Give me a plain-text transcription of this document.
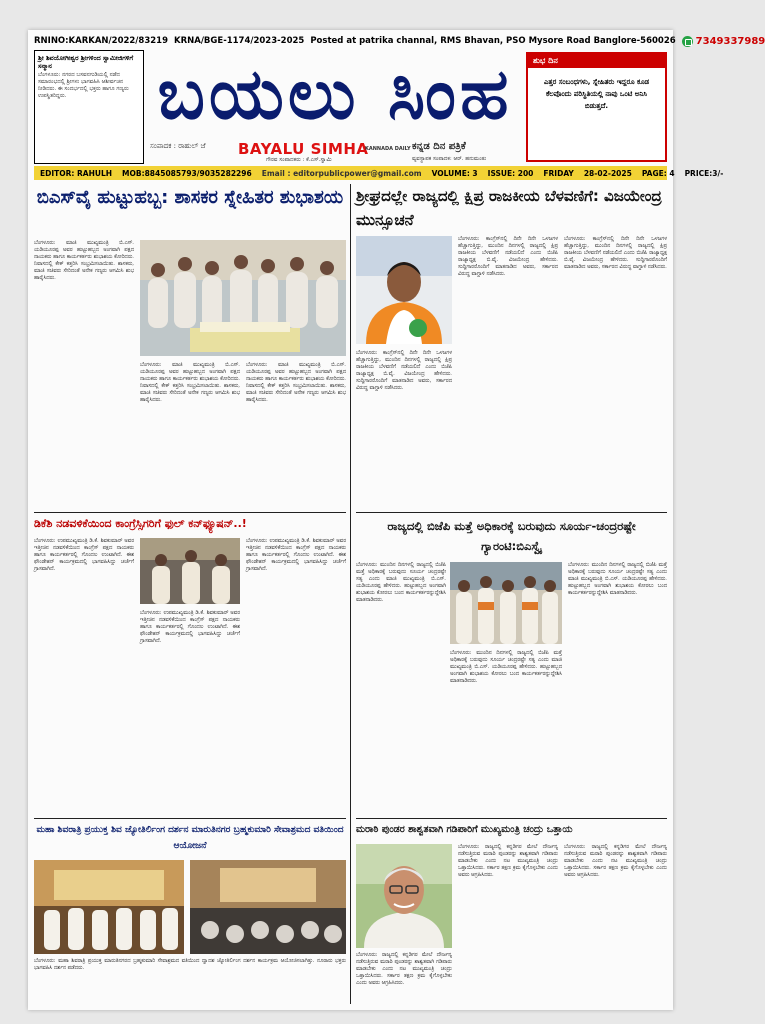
RNINO:KARKAN/2022/83219 KRNA/BGE-1174/2023-2025 Posted at patrika channal, RMS Bhavan, PSO Mysore Road Banglore-560026 7349337989
ಶ್ರೀ ಶಿವಯೋಗೀಶ್ವರ ಶ್ರೀಗಳಿಂದ ಸ್ವಾಮೀಜಿಗಳಿಗೆ ಸನ್ಮಾನ
ಬೆಂಗಳೂರು: ನಗರದ ಬಸವನಗುಡಿಯಲ್ಲಿ ನಡೆದ ಸಮಾರಂಭದಲ್ಲಿ ಶ್ರೀಗಳು ಭಾಗವಹಿಸಿ ಆಶೀರ್ವಚನ ನೀಡಿದರು. ಈ ಸಂದರ್ಭದಲ್ಲಿ ಭಕ್ತರು ಹಾಗೂ ಗಣ್ಯರು ಉಪಸ್ಥಿತರಿದ್ದರು.	ಬಯಲು ಸಿಂಹ
ಸಂಪಾದಕ : ರಾಹುಲ್ ಜೆ BAYALU SIMHA
KANNADA DAILY ಕನ್ನಡ ದಿನ ಪತ್ರಿಕೆ
ಗೌರವ ಸಂಪಾದಕರು : ಕೆ.ಎಸ್.ಸ್ವಾಮಿ	ವ್ಯವಸ್ಥಾಪಕ ಸಂಪಾದಕ: ಆರ್. ಹನುಮಂತು
ಶುಭ ದಿನ
ಎತ್ತರ ಸಂಬಂಧಗಳು, ಸ್ನೇಹಿತರು ಇದ್ದರೂ ಕೂಡ ಕೆಲವೊಂದು ಪರಿಸ್ಥಿತಿಯಲ್ಲಿ ನಾವು ಒಂಟಿ ಅನಿಸಿ ಬಿಡುತ್ತದೆ.
EDITOR: RAHULH MOB:8845085793/9035282296 Email : editorpublicpower@gmail.com VOLUME: 3 ISSUE: 200 FRIDAY 28-02-2025 PAGE: 4 PRICE:3/-
ಬಿಎಸ್‌ವೈ ಹುಟ್ಟುಹಬ್ಬ: ಶಾಸಕರ ಸ್ನೇಹಿತರ ಶುಭಾಶಯ
ಬೆಂಗಳೂರು: ಮಾಜಿ ಮುಖ್ಯಮಂತ್ರಿ ಬಿ.ಎಸ್. ಯಡಿಯೂರಪ್ಪ ಅವರ ಹುಟ್ಟುಹಬ್ಬದ ಅಂಗವಾಗಿ ಪಕ್ಷದ ನಾಯಕರು ಹಾಗೂ ಕಾರ್ಯಕರ್ತರು ಶುಭಾಶಯ ಕೋರಿದರು. ನಿವಾಸದಲ್ಲಿ ಕೇಕ್ ಕತ್ತರಿಸಿ ಸಂಭ್ರಮಿಸಲಾಯಿತು. ಶಾಸಕರು, ಮಾಜಿ ಸಚಿವರು ಸೇರಿದಂತೆ ಅನೇಕ ಗಣ್ಯರು ಆಗಮಿಸಿ ಶುಭ ಹಾರೈಸಿದರು.
ಬೆಂಗಳೂರು: ಮಾಜಿ ಮುಖ್ಯಮಂತ್ರಿ ಬಿ.ಎಸ್. ಯಡಿಯೂರಪ್ಪ ಅವರ ಹುಟ್ಟುಹಬ್ಬದ ಅಂಗವಾಗಿ ಪಕ್ಷದ ನಾಯಕರು ಹಾಗೂ ಕಾರ್ಯಕರ್ತರು ಶುಭಾಶಯ ಕೋರಿದರು. ನಿವಾಸದಲ್ಲಿ ಕೇಕ್ ಕತ್ತರಿಸಿ ಸಂಭ್ರಮಿಸಲಾಯಿತು. ಶಾಸಕರು, ಮಾಜಿ ಸಚಿವರು ಸೇರಿದಂತೆ ಅನೇಕ ಗಣ್ಯರು ಆಗಮಿಸಿ ಶುಭ ಹಾರೈಸಿದರು.
ಬೆಂಗಳೂರು: ಮಾಜಿ ಮುಖ್ಯಮಂತ್ರಿ ಬಿ.ಎಸ್. ಯಡಿಯೂರಪ್ಪ ಅವರ ಹುಟ್ಟುಹಬ್ಬದ ಅಂಗವಾಗಿ ಪಕ್ಷದ ನಾಯಕರು ಹಾಗೂ ಕಾರ್ಯಕರ್ತರು ಶುಭಾಶಯ ಕೋರಿದರು. ನಿವಾಸದಲ್ಲಿ ಕೇಕ್ ಕತ್ತರಿಸಿ ಸಂಭ್ರಮಿಸಲಾಯಿತು. ಶಾಸಕರು, ಮಾಜಿ ಸಚಿವರು ಸೇರಿದಂತೆ ಅನೇಕ ಗಣ್ಯರು ಆಗಮಿಸಿ ಶುಭ ಹಾರೈಸಿದರು.
ಡಿಕೆಶಿ ನಡವಳಿಕೆಯಿಂದ ಕಾಂಗ್ರೆಸ್ಸಿಗರಿಗೆ ಫುಲ್ ಕನ್‌ಫ್ಯೂಷನ್..!
ಬೆಂಗಳೂರು: ಉಪಮುಖ್ಯಮಂತ್ರಿ ಡಿ.ಕೆ. ಶಿವಕುಮಾರ್ ಅವರ ಇತ್ತೀಚಿನ ನಡವಳಿಕೆಯಿಂದ ಕಾಂಗ್ರೆಸ್ ಪಕ್ಷದ ನಾಯಕರು ಹಾಗೂ ಕಾರ್ಯಕರ್ತರಲ್ಲಿ ಗೊಂದಲ ಉಂಟಾಗಿದೆ. ಈಶ ಫೌಂಡೇಶನ್ ಕಾರ್ಯಕ್ರಮದಲ್ಲಿ ಭಾಗವಹಿಸಿದ್ದು ಚರ್ಚೆಗೆ ಗ್ರಾಸವಾಗಿದೆ.
ಬೆಂಗಳೂರು: ಉಪಮುಖ್ಯಮಂತ್ರಿ ಡಿ.ಕೆ. ಶಿವಕುಮಾರ್ ಅವರ ಇತ್ತೀಚಿನ ನಡವಳಿಕೆಯಿಂದ ಕಾಂಗ್ರೆಸ್ ಪಕ್ಷದ ನಾಯಕರು ಹಾಗೂ ಕಾರ್ಯಕರ್ತರಲ್ಲಿ ಗೊಂದಲ ಉಂಟಾಗಿದೆ. ಈಶ ಫೌಂಡೇಶನ್ ಕಾರ್ಯಕ್ರಮದಲ್ಲಿ ಭಾಗವಹಿಸಿದ್ದು ಚರ್ಚೆಗೆ ಗ್ರಾಸವಾಗಿದೆ.
ಬೆಂಗಳೂರು: ಉಪಮುಖ್ಯಮಂತ್ರಿ ಡಿ.ಕೆ. ಶಿವಕುಮಾರ್ ಅವರ ಇತ್ತೀಚಿನ ನಡವಳಿಕೆಯಿಂದ ಕಾಂಗ್ರೆಸ್ ಪಕ್ಷದ ನಾಯಕರು ಹಾಗೂ ಕಾರ್ಯಕರ್ತರಲ್ಲಿ ಗೊಂದಲ ಉಂಟಾಗಿದೆ. ಈಶ ಫೌಂಡೇಶನ್ ಕಾರ್ಯಕ್ರಮದಲ್ಲಿ ಭಾಗವಹಿಸಿದ್ದು ಚರ್ಚೆಗೆ ಗ್ರಾಸವಾಗಿದೆ.
ಮಹಾ ಶಿವರಾತ್ರಿ ಪ್ರಯುಕ್ತ ಶಿವ ಜ್ಯೋತಿರ್ಲಿಂಗ ದರ್ಶನ ಮಾರುತಿನಗರ ಬ್ರಹ್ಮಕುಮಾರಿ ಸೇವಾಶ್ರಮದ ವತಿಯಿಂದ ಆಯೋಜನೆ
ಬೆಂಗಳೂರು: ಮಹಾ ಶಿವರಾತ್ರಿ ಪ್ರಯುಕ್ತ ಮಾರುತಿನಗರದ ಬ್ರಹ್ಮಕುಮಾರಿ ಸೇವಾಶ್ರಮದ ವತಿಯಿಂದ ದ್ವಾದಶ ಜ್ಯೋತಿರ್ಲಿಂಗ ದರ್ಶನ ಕಾರ್ಯಕ್ರಮ ಆಯೋಜಿಸಲಾಗಿತ್ತು. ನೂರಾರು ಭಕ್ತರು ಭಾಗವಹಿಸಿ ದರ್ಶನ ಪಡೆದರು.
ಶ್ರೀಘ್ರದಲ್ಲೇ ರಾಜ್ಯದಲ್ಲಿ ಕ್ಷಿಪ್ರ ರಾಜಕೀಯ ಬೆಳವಣಿಗೆ: ವಿಜಯೇಂದ್ರ ಮುನ್ಸೂಚನೆ
ಬೆಂಗಳೂರು: ಕಾಂಗ್ರೆಸ್‌ನಲ್ಲಿ ದಿನೇ ದಿನೇ ಒಳಜಗಳ ಹೆಚ್ಚಾಗುತ್ತಿದ್ದು, ಮುಂದಿನ ದಿನಗಳಲ್ಲಿ ರಾಜ್ಯದಲ್ಲಿ ಕ್ಷಿಪ್ರ ರಾಜಕೀಯ ಬೆಳವಣಿಗೆ ನಡೆಯಲಿದೆ ಎಂದು ಬಿಜೆಪಿ ರಾಜ್ಯಾಧ್ಯಕ್ಷ ಬಿ.ವೈ. ವಿಜಯೇಂದ್ರ ಹೇಳಿದರು. ಸುದ್ದಿಗಾರರೊಂದಿಗೆ ಮಾತನಾಡಿದ ಅವರು, ಸರ್ಕಾರದ ವಿರುದ್ಧ ವಾಗ್ದಾಳಿ ನಡೆಸಿದರು.
ಬೆಂಗಳೂರು: ಕಾಂಗ್ರೆಸ್‌ನಲ್ಲಿ ದಿನೇ ದಿನೇ ಒಳಜಗಳ ಹೆಚ್ಚಾಗುತ್ತಿದ್ದು, ಮುಂದಿನ ದಿನಗಳಲ್ಲಿ ರಾಜ್ಯದಲ್ಲಿ ಕ್ಷಿಪ್ರ ರಾಜಕೀಯ ಬೆಳವಣಿಗೆ ನಡೆಯಲಿದೆ ಎಂದು ಬಿಜೆಪಿ ರಾಜ್ಯಾಧ್ಯಕ್ಷ ಬಿ.ವೈ. ವಿಜಯೇಂದ್ರ ಹೇಳಿದರು. ಸುದ್ದಿಗಾರರೊಂದಿಗೆ ಮಾತನಾಡಿದ ಅವರು, ಸರ್ಕಾರದ ವಿರುದ್ಧ ವಾಗ್ದಾಳಿ ನಡೆಸಿದರು.
ಬೆಂಗಳೂರು: ಕಾಂಗ್ರೆಸ್‌ನಲ್ಲಿ ದಿನೇ ದಿನೇ ಒಳಜಗಳ ಹೆಚ್ಚಾಗುತ್ತಿದ್ದು, ಮುಂದಿನ ದಿನಗಳಲ್ಲಿ ರಾಜ್ಯದಲ್ಲಿ ಕ್ಷಿಪ್ರ ರಾಜಕೀಯ ಬೆಳವಣಿಗೆ ನಡೆಯಲಿದೆ ಎಂದು ಬಿಜೆಪಿ ರಾಜ್ಯಾಧ್ಯಕ್ಷ ಬಿ.ವೈ. ವಿಜಯೇಂದ್ರ ಹೇಳಿದರು. ಸುದ್ದಿಗಾರರೊಂದಿಗೆ ಮಾತನಾಡಿದ ಅವರು, ಸರ್ಕಾರದ ವಿರುದ್ಧ ವಾಗ್ದಾಳಿ ನಡೆಸಿದರು.
ರಾಜ್ಯದಲ್ಲಿ ಬಿಜೆಪಿ ಮತ್ತೆ ಅಧಿಕಾರಕ್ಕೆ ಬರುವುದು ಸೂರ್ಯ-ಚಂದ್ರರಷ್ಟೇ ಗ್ಯಾರಂಟಿ:ಬಿಎಸ್ವೈ
ಬೆಂಗಳೂರು: ಮುಂದಿನ ದಿನಗಳಲ್ಲಿ ರಾಜ್ಯದಲ್ಲಿ ಬಿಜೆಪಿ ಮತ್ತೆ ಅಧಿಕಾರಕ್ಕೆ ಬರುವುದು ಸೂರ್ಯ ಚಂದ್ರರಷ್ಟೇ ಸತ್ಯ ಎಂದು ಮಾಜಿ ಮುಖ್ಯಮಂತ್ರಿ ಬಿ.ಎಸ್. ಯಡಿಯೂರಪ್ಪ ಹೇಳಿದರು. ಹುಟ್ಟುಹಬ್ಬದ ಅಂಗವಾಗಿ ಶುಭಾಶಯ ಕೋರಲು ಬಂದ ಕಾರ್ಯಕರ್ತರನ್ನುದ್ದೇಶಿಸಿ ಮಾತನಾಡಿದರು.
ಬೆಂಗಳೂರು: ಮುಂದಿನ ದಿನಗಳಲ್ಲಿ ರಾಜ್ಯದಲ್ಲಿ ಬಿಜೆಪಿ ಮತ್ತೆ ಅಧಿಕಾರಕ್ಕೆ ಬರುವುದು ಸೂರ್ಯ ಚಂದ್ರರಷ್ಟೇ ಸತ್ಯ ಎಂದು ಮಾಜಿ ಮುಖ್ಯಮಂತ್ರಿ ಬಿ.ಎಸ್. ಯಡಿಯೂರಪ್ಪ ಹೇಳಿದರು. ಹುಟ್ಟುಹಬ್ಬದ ಅಂಗವಾಗಿ ಶುಭಾಶಯ ಕೋರಲು ಬಂದ ಕಾರ್ಯಕರ್ತರನ್ನುದ್ದೇಶಿಸಿ ಮಾತನಾಡಿದರು.
ಬೆಂಗಳೂರು: ಮುಂದಿನ ದಿನಗಳಲ್ಲಿ ರಾಜ್ಯದಲ್ಲಿ ಬಿಜೆಪಿ ಮತ್ತೆ ಅಧಿಕಾರಕ್ಕೆ ಬರುವುದು ಸೂರ್ಯ ಚಂದ್ರರಷ್ಟೇ ಸತ್ಯ ಎಂದು ಮಾಜಿ ಮುಖ್ಯಮಂತ್ರಿ ಬಿ.ಎಸ್. ಯಡಿಯೂರಪ್ಪ ಹೇಳಿದರು. ಹುಟ್ಟುಹಬ್ಬದ ಅಂಗವಾಗಿ ಶುಭಾಶಯ ಕೋರಲು ಬಂದ ಕಾರ್ಯಕರ್ತರನ್ನುದ್ದೇಶಿಸಿ ಮಾತನಾಡಿದರು.
ಮರಾಠಿ ಪುಂಡರ ಶಾಶ್ವತವಾಗಿ ಗಡಿಪಾರಿಗೆ ಮುಖ್ಯಮಂತ್ರಿ ಚಂದ್ರು ಒತ್ತಾಯ
ಬೆಂಗಳೂರು: ರಾಜ್ಯದಲ್ಲಿ ಕನ್ನಡಿಗರ ಮೇಲೆ ದೌರ್ಜನ್ಯ ನಡೆಸುತ್ತಿರುವ ಮರಾಠಿ ಪುಂಡರನ್ನು ಶಾಶ್ವತವಾಗಿ ಗಡಿಪಾರು ಮಾಡಬೇಕು ಎಂದು ನಟ ಮುಖ್ಯಮಂತ್ರಿ ಚಂದ್ರು ಒತ್ತಾಯಿಸಿದರು. ಸರ್ಕಾರ ತಕ್ಷಣ ಕ್ರಮ ಕೈಗೊಳ್ಳಬೇಕು ಎಂದು ಅವರು ಆಗ್ರಹಿಸಿದರು.
ಬೆಂಗಳೂರು: ರಾಜ್ಯದಲ್ಲಿ ಕನ್ನಡಿಗರ ಮೇಲೆ ದೌರ್ಜನ್ಯ ನಡೆಸುತ್ತಿರುವ ಮರಾಠಿ ಪುಂಡರನ್ನು ಶಾಶ್ವತವಾಗಿ ಗಡಿಪಾರು ಮಾಡಬೇಕು ಎಂದು ನಟ ಮುಖ್ಯಮಂತ್ರಿ ಚಂದ್ರು ಒತ್ತಾಯಿಸಿದರು. ಸರ್ಕಾರ ತಕ್ಷಣ ಕ್ರಮ ಕೈಗೊಳ್ಳಬೇಕು ಎಂದು ಅವರು ಆಗ್ರಹಿಸಿದರು.
ಬೆಂಗಳೂರು: ರಾಜ್ಯದಲ್ಲಿ ಕನ್ನಡಿಗರ ಮೇಲೆ ದೌರ್ಜನ್ಯ ನಡೆಸುತ್ತಿರುವ ಮರಾಠಿ ಪುಂಡರನ್ನು ಶಾಶ್ವತವಾಗಿ ಗಡಿಪಾರು ಮಾಡಬೇಕು ಎಂದು ನಟ ಮುಖ್ಯಮಂತ್ರಿ ಚಂದ್ರು ಒತ್ತಾಯಿಸಿದರು. ಸರ್ಕಾರ ತಕ್ಷಣ ಕ್ರಮ ಕೈಗೊಳ್ಳಬೇಕು ಎಂದು ಅವರು ಆಗ್ರಹಿಸಿದರು.
